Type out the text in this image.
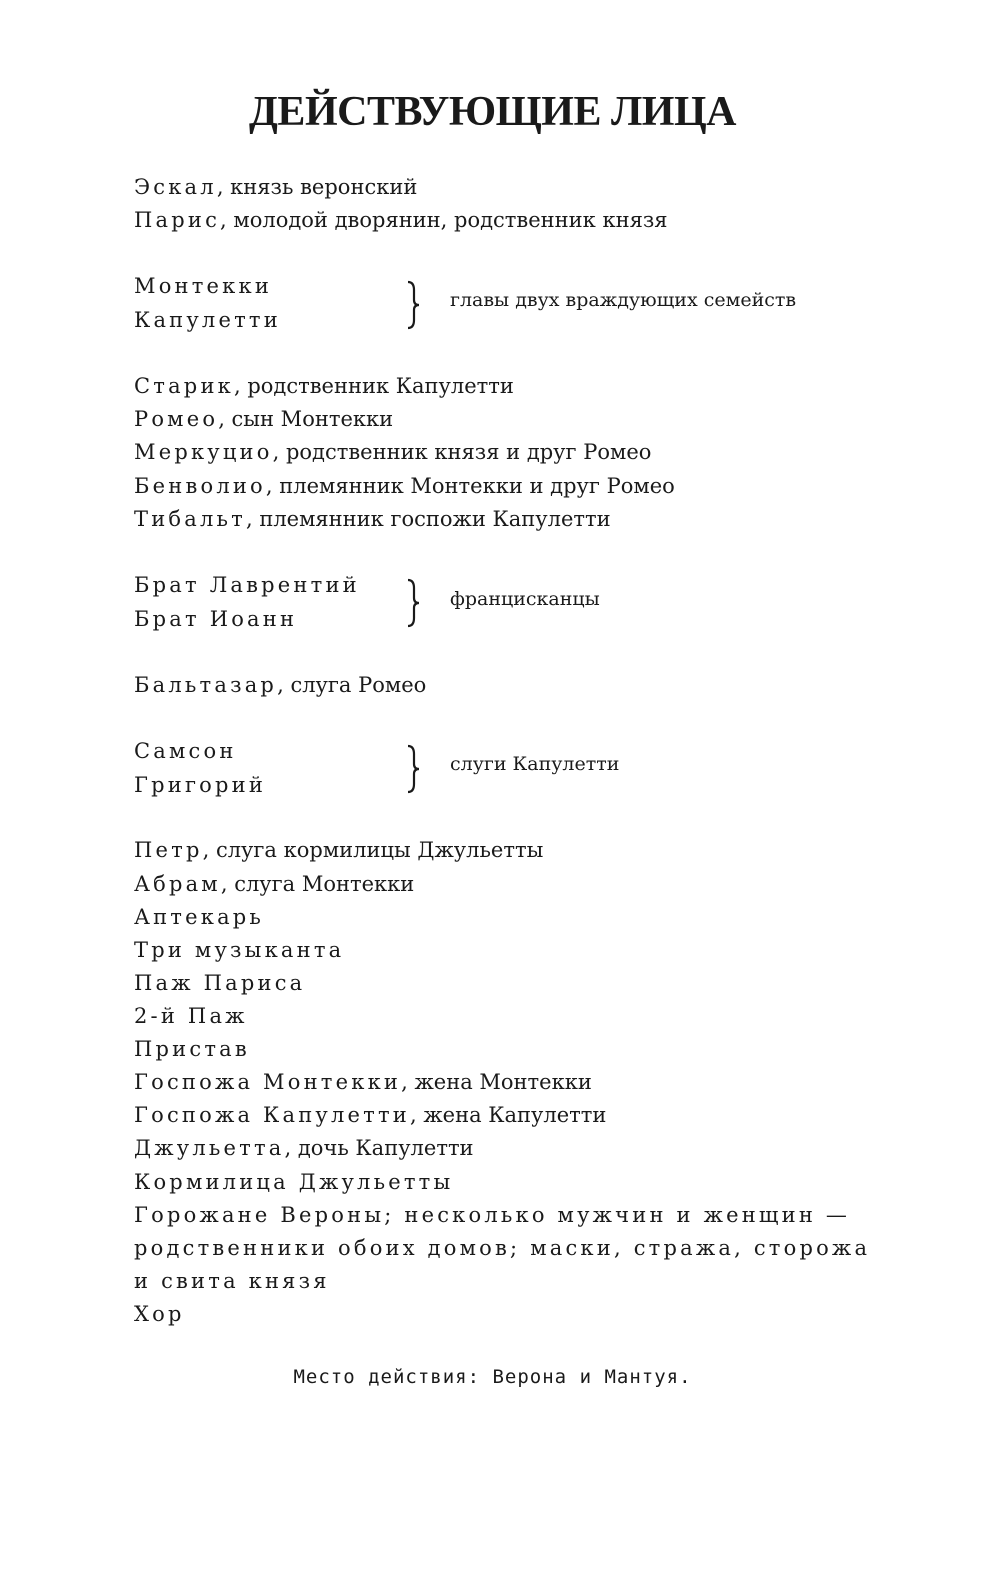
ДЕЙСТВУЮЩИЕ ЛИЦА
Эскал, князь веронский
Парис, молодой дворянин, родственник князя
Монтекки
Капулетти
главы двух враждующих семейств
Старик, родственник Капулетти
Ромео, сын Монтекки
Меркуцио, родственник князя и друг Ромео
Бенволио, племянник Монтекки и друг Ромео
Тибальт, племянник госпожи Капулетти
Брат Лаврентий
Брат Иоанн
францисканцы
Бальтазар, слуга Ромео
Самсон
Григорий
слуги Капулетти
Петр, слуга кормилицы Джульетты
Абрам, слуга Монтекки
Аптекарь
Три музыканта
Паж Париса
2-й Паж
Пристав
Госпожа Монтекки, жена Монтекки
Госпожа Капулетти, жена Капулетти
Джульетта, дочь Капулетти
Кормилица Джульетты
Горожане Вероны; несколько мужчин и женщин —
родственники обоих домов; маски, стража, сторожа
и свита князя
Хор
Место действия: Верона и Мантуя.
